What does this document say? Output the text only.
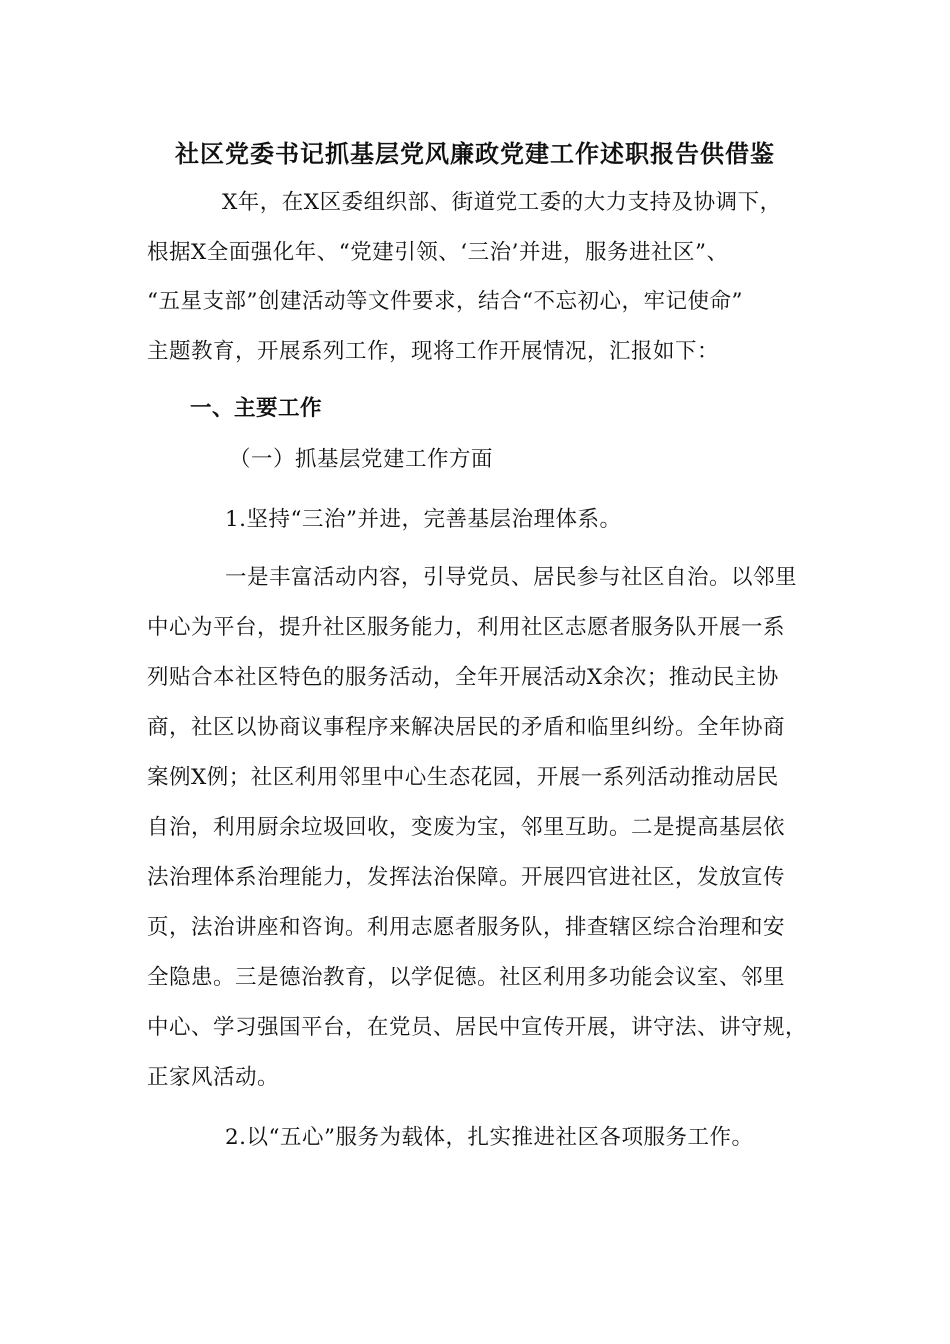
社区党委书记抓基层党风廉政党建工作述职报告供借鉴
X年，在X区委组织部、街道党工委的大力支持及协调下，
根据X全面强化年、“党建引领、‘三治’并进，服务进社区”、
“五星支部”创建活动等文件要求，结合“不忘初心，牢记使命”
主题教育，开展系列工作，现将工作开展情况，汇报如下：
一、主要工作
（一）抓基层党建工作方面
1.坚持“三治”并进，完善基层治理体系。
一是丰富活动内容，引导党员、居民参与社区自治。以邻里
中心为平台，提升社区服务能力，利用社区志愿者服务队开展一系
列贴合本社区特色的服务活动，全年开展活动X余次；推动民主协
商，社区以协商议事程序来解决居民的矛盾和临里纠纷。全年协商
案例X例；社区利用邻里中心生态花园，开展一系列活动推动居民
自治，利用厨余垃圾回收，变废为宝，邻里互助。二是提高基层依
法治理体系治理能力，发挥法治保障。开展四官进社区，发放宣传
页，法治讲座和咨询。利用志愿者服务队，排查辖区综合治理和安
全隐患。三是德治教育，以学促德。社区利用多功能会议室、邻里
中心、学习强国平台，在党员、居民中宣传开展，讲守法、讲守规，
正家风活动。
2.以“五心”服务为载体，扎实推进社区各项服务工作。
